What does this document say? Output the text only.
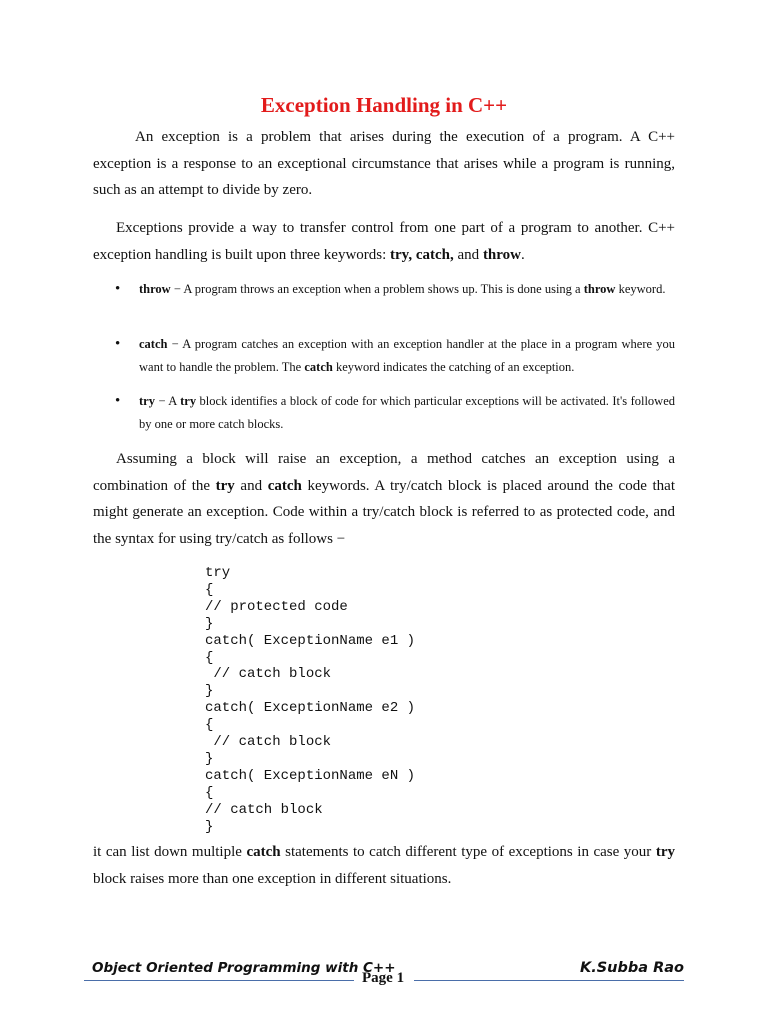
Exception Handling in C++
An exception is a problem that arises during the execution of a program. A C++ exception is a response to an exceptional circumstance that arises while a program is running, such as an attempt to divide by zero.
Exceptions provide a way to transfer control from one part of a program to another. C++ exception handling is built upon three keywords: try, catch, and throw.
• throw − A program throws an exception when a problem shows up. This is done using a throw keyword.
• catch − A program catches an exception with an exception handler at the place in a program where you want to handle the problem. The catch keyword indicates the catching of an exception.
• try − A try block identifies a block of code for which particular exceptions will be activated. It's followed by one or more catch blocks.
Assuming a block will raise an exception, a method catches an exception using a combination of the try and catch keywords. A try/catch block is placed around the code that might generate an exception. Code within a try/catch block is referred to as protected code, and the syntax for using try/catch as follows −
try
{
// protected code
}
catch( ExceptionName e1 )
{
// catch block
}
catch( ExceptionName e2 )
{
// catch block
}
catch( ExceptionName eN )
{
// catch block
}
it can list down multiple catch statements to catch different type of exceptions in case your try block raises more than one exception in different situations.
Object Oriented Programming with C++	K.Subba Rao
Page 1
